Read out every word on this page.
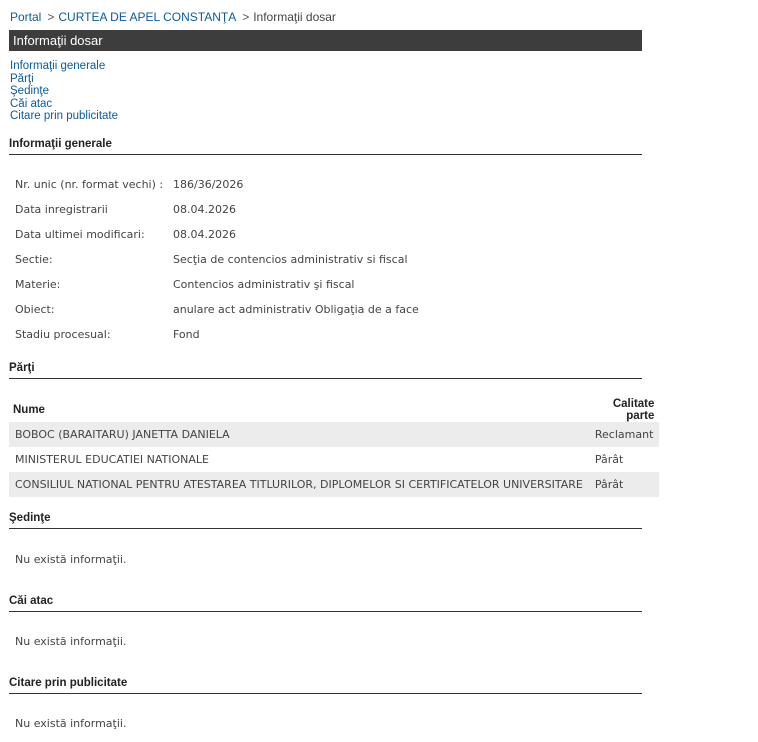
Portal > CURTEA DE APEL CONSTANŢA > Informaţii dosar
Informaţii dosar
Informaţii generale
Părţi
Şedinţe
Căi atac
Citare prin publicitate
Informaţii generale
Nr. unic (nr. format vechi) : 186/36/2026
Data inregistrarii	08.04.2026
Data ultimei modificari:	08.04.2026
Sectie:	Secţia de contencios administrativ si fiscal
Materie:	Contencios administrativ şi fiscal
Obiect:	anulare act administrativ Obligaţia de a face
Stadiu procesual:	Fond
Părţi
Nume	Calitate parte
BOBOC (BARAITARU) JANETTA DANIELA	Reclamant
MINISTERUL EDUCATIEI NATIONALE	Pârât
CONSILIUL NATIONAL PENTRU ATESTAREA TITLURILOR, DIPLOMELOR SI CERTIFICATELOR UNIVERSITARE	Pârât
Şedinţe
Nu există informaţii.
Căi atac
Nu există informaţii.
Citare prin publicitate
Nu există informaţii.
